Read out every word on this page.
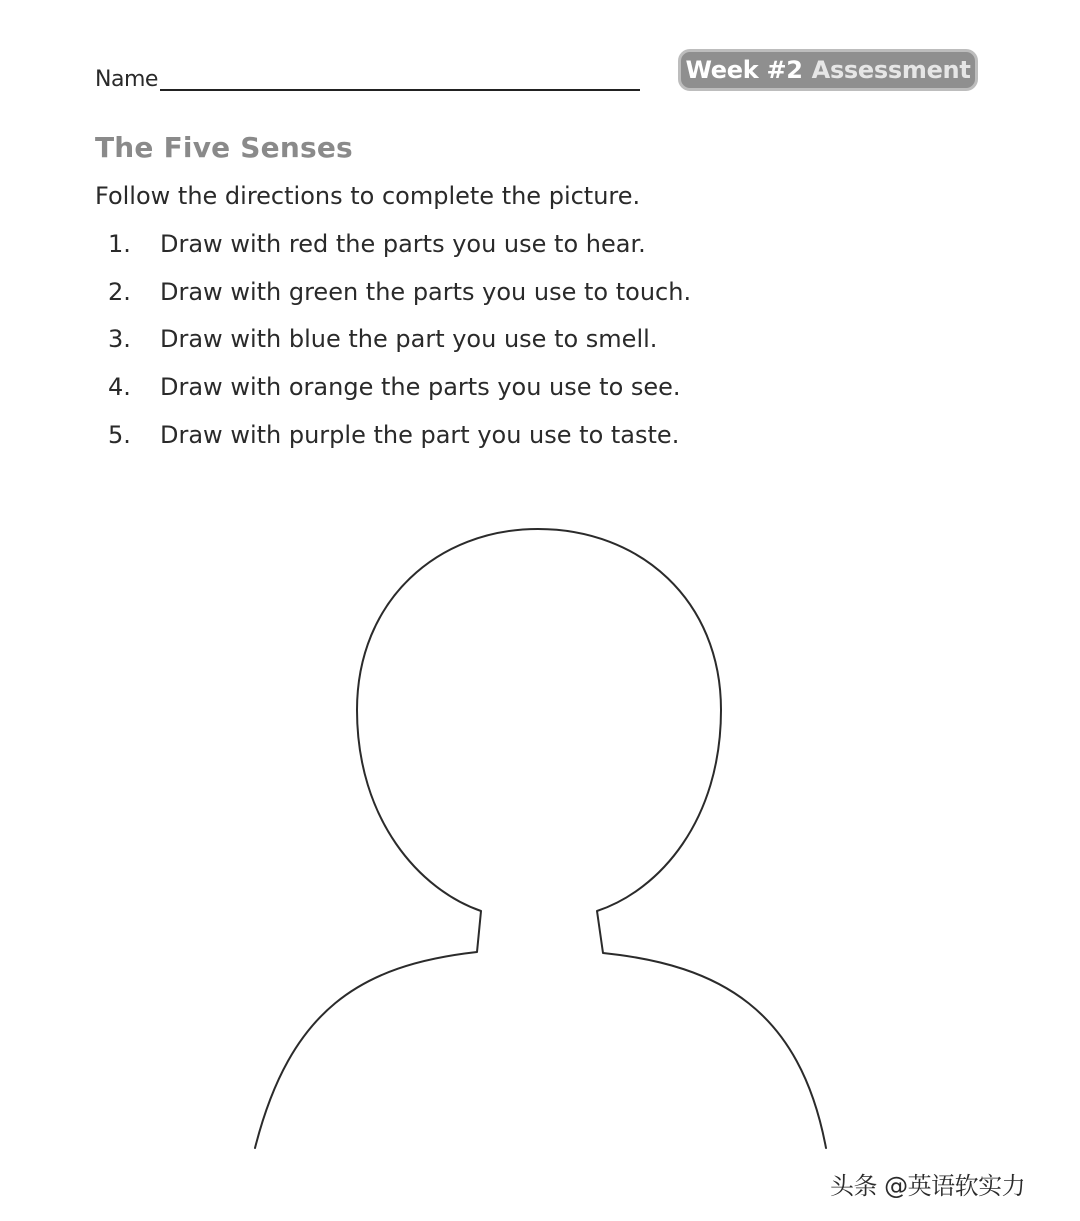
Name	Week #2 Assessment
The Five Senses
Follow the directions to complete the picture.
1.	Draw with red the parts you use to hear.
2.	Draw with green the parts you use to touch.
3.	Draw with blue the part you use to smell.
4.	Draw with orange the parts you use to see.
5.	Draw with purple the part you use to taste.
头条 @英语软实力
